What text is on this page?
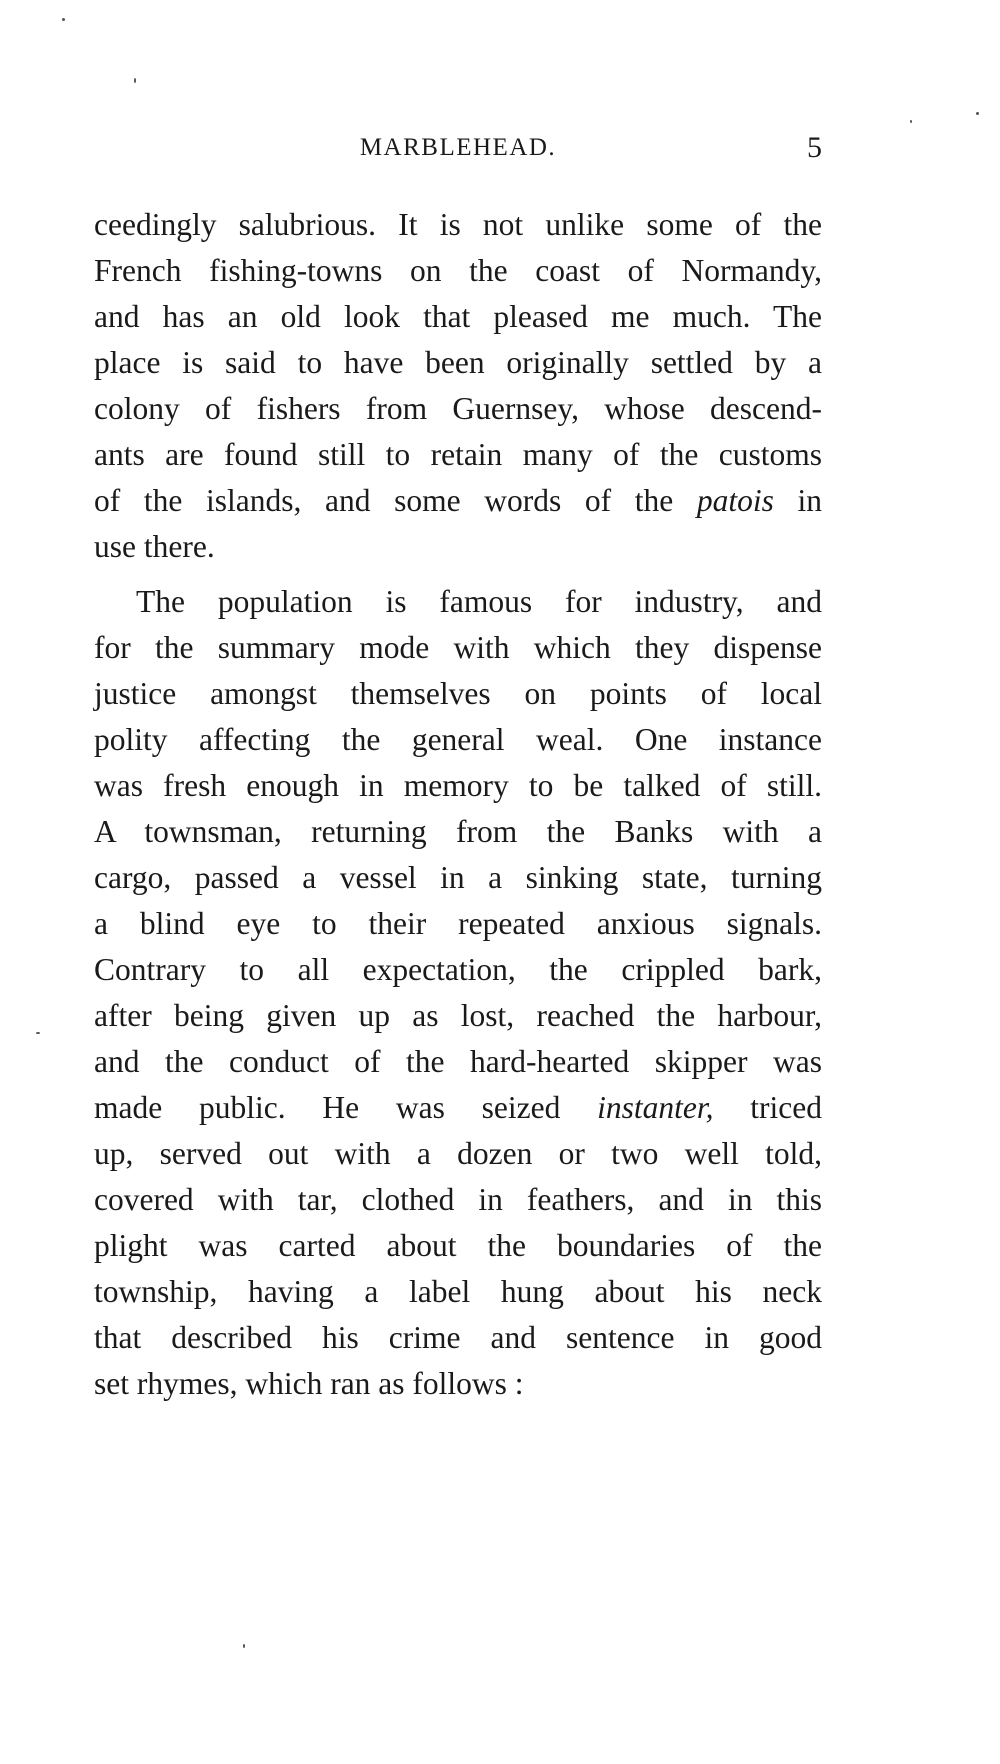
MARBLEHEAD.	5
ceedingly salubrious. It is not unlike some of the
French fishing-towns on the coast of Normandy,
and has an old look that pleased me much. The
place is said to have been originally settled by a
colony of fishers from Guernsey, whose descend-
ants are found still to retain many of the customs
of the islands, and some words of the patois in
use there.
The population is famous for industry, and
for the summary mode with which they dispense
justice amongst themselves on points of local
polity affecting the general weal. One instance
was fresh enough in memory to be talked of still.
A townsman, returning from the Banks with a
cargo, passed a vessel in a sinking state, turning
a blind eye to their repeated anxious signals.
Contrary to all expectation, the crippled bark,
after being given up as lost, reached the harbour,
and the conduct of the hard-hearted skipper was
made public. He was seized instanter, triced
up, served out with a dozen or two well told,
covered with tar, clothed in feathers, and in this
plight was carted about the boundaries of the
township, having a label hung about his neck
that described his crime and sentence in good
set rhymes, which ran as follows :
